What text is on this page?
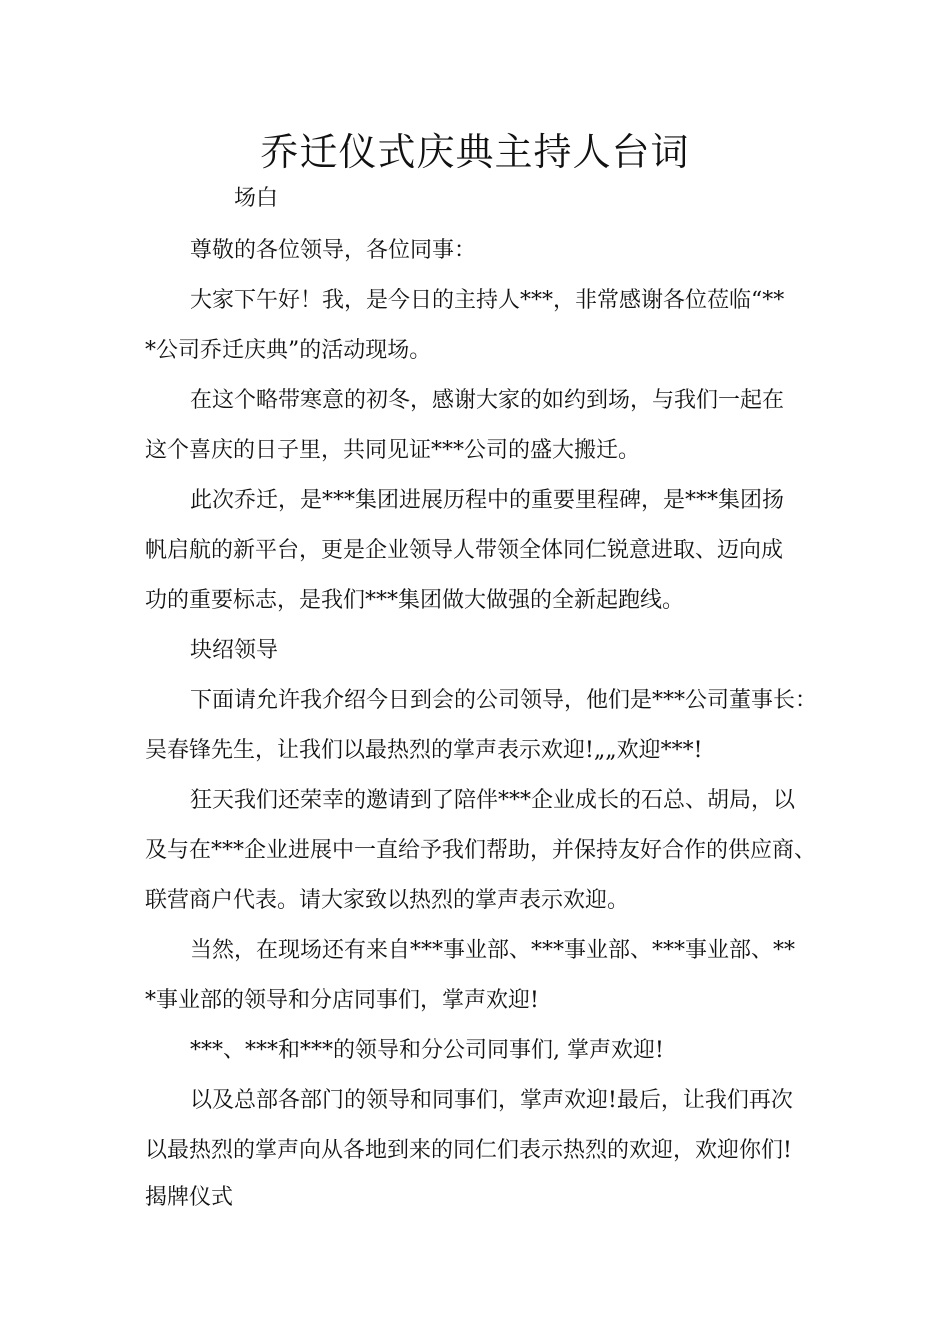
乔迁仪式庆典主持人台词

场白

尊敬的各位领导，各位同事：

大家下午好！我，是今日的主持人***，非常感谢各位莅临“**

*公司乔迁庆典”的活动现场。

在这个略带寒意的初冬，感谢大家的如约到场，与我们一起在

这个喜庆的日子里，共同见证***公司的盛大搬迁。

此次乔迁，是***集团进展历程中的重要里程碑，是***集团扬

帆启航的新平台，更是企业领导人带领全体同仁锐意进取、迈向成

功的重要标志，是我们***集团做大做强的全新起跑线。

块绍领导

下面请允许我介绍今日到会的公司领导，他们是***公司董事长：

吴春锋先生，让我们以最热烈的掌声表示欢迎!„„欢迎***!

狂天我们还荣幸的邀请到了陪伴***企业成长的石总、胡局，以

及与在***企业进展中一直给予我们帮助，并保持友好合作的供应商、

联营商户代表。请大家致以热烈的掌声表示欢迎。

当然，在现场还有来自***事业部、***事业部、***事业部、**

*事业部的领导和分店同事们，掌声欢迎!

***、***和***的领导和分公司同事们, 掌声欢迎!

以及总部各部门的领导和同事们，掌声欢迎!最后，让我们再次

以最热烈的掌声向从各地到来的同仁们表示热烈的欢迎，欢迎你们!

揭牌仪式
